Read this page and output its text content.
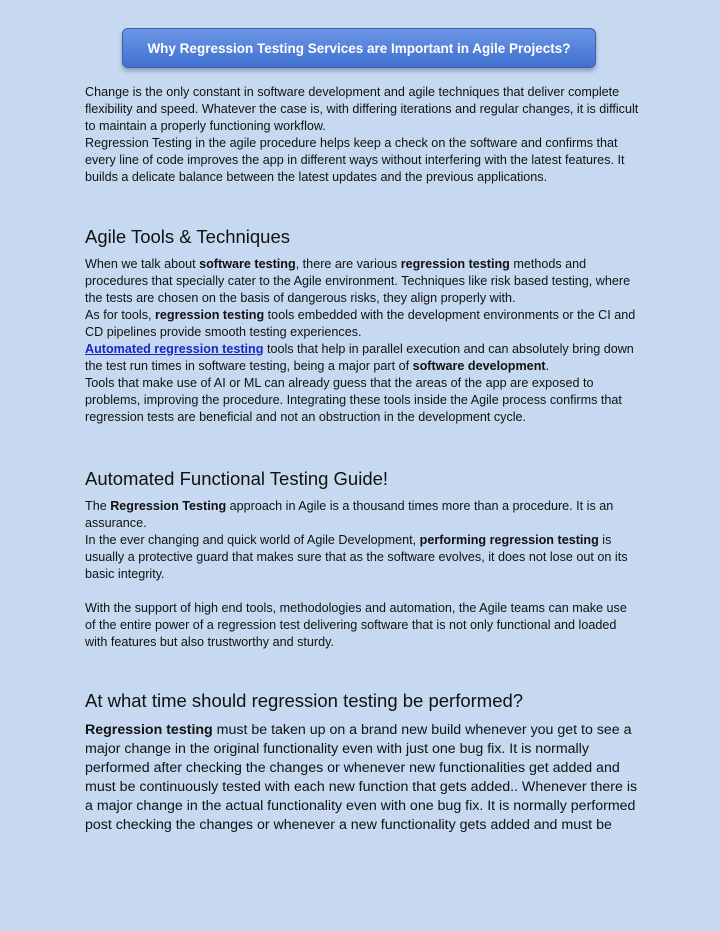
Why Regression Testing Services are Important in Agile Projects?

Change is the only constant in software development and agile techniques that deliver complete flexibility and speed. Whatever the case is, with differing iterations and regular changes, it is difficult to maintain a properly functioning workflow.

Regression Testing in the agile procedure helps keep a check on the software and confirms that every line of code improves the app in different ways without interfering with the latest features. It builds a delicate balance between the latest updates and the previous applications.

Agile Tools & Techniques

When we talk about software testing, there are various regression testing methods and procedures that specially cater to the Agile environment. Techniques like risk based testing, where the tests are chosen on the basis of dangerous risks, they align properly with.

As for tools, regression testing tools embedded with the development environments or the CI and CD pipelines provide smooth testing experiences.

Automated regression testing tools that help in parallel execution and can absolutely bring down the test run times in software testing, being a major part of software development.

Tools that make use of AI or ML can already guess that the areas of the app are exposed to problems, improving the procedure. Integrating these tools inside the Agile process confirms that regression tests are beneficial and not an obstruction in the development cycle.

Automated Functional Testing Guide!

The Regression Testing approach in Agile is a thousand times more than a procedure. It is an assurance.

In the ever changing and quick world of Agile Development, performing regression testing is usually a protective guard that makes sure that as the software evolves, it does not lose out on its basic integrity.

With the support of high end tools, methodologies and automation, the Agile teams can make use of the entire power of a regression test delivering software that is not only functional and loaded with features but also trustworthy and sturdy.

At what time should regression testing be performed?

Regression testing must be taken up on a brand new build whenever you get to see a major change in the original functionality even with just one bug fix. It is normally performed after checking the changes or whenever new functionalities get added and must be continuously tested with each new function that gets added.. Whenever there is a major change in the actual functionality even with one bug fix. It is normally performed post checking the changes or whenever a new functionality gets added and must be
